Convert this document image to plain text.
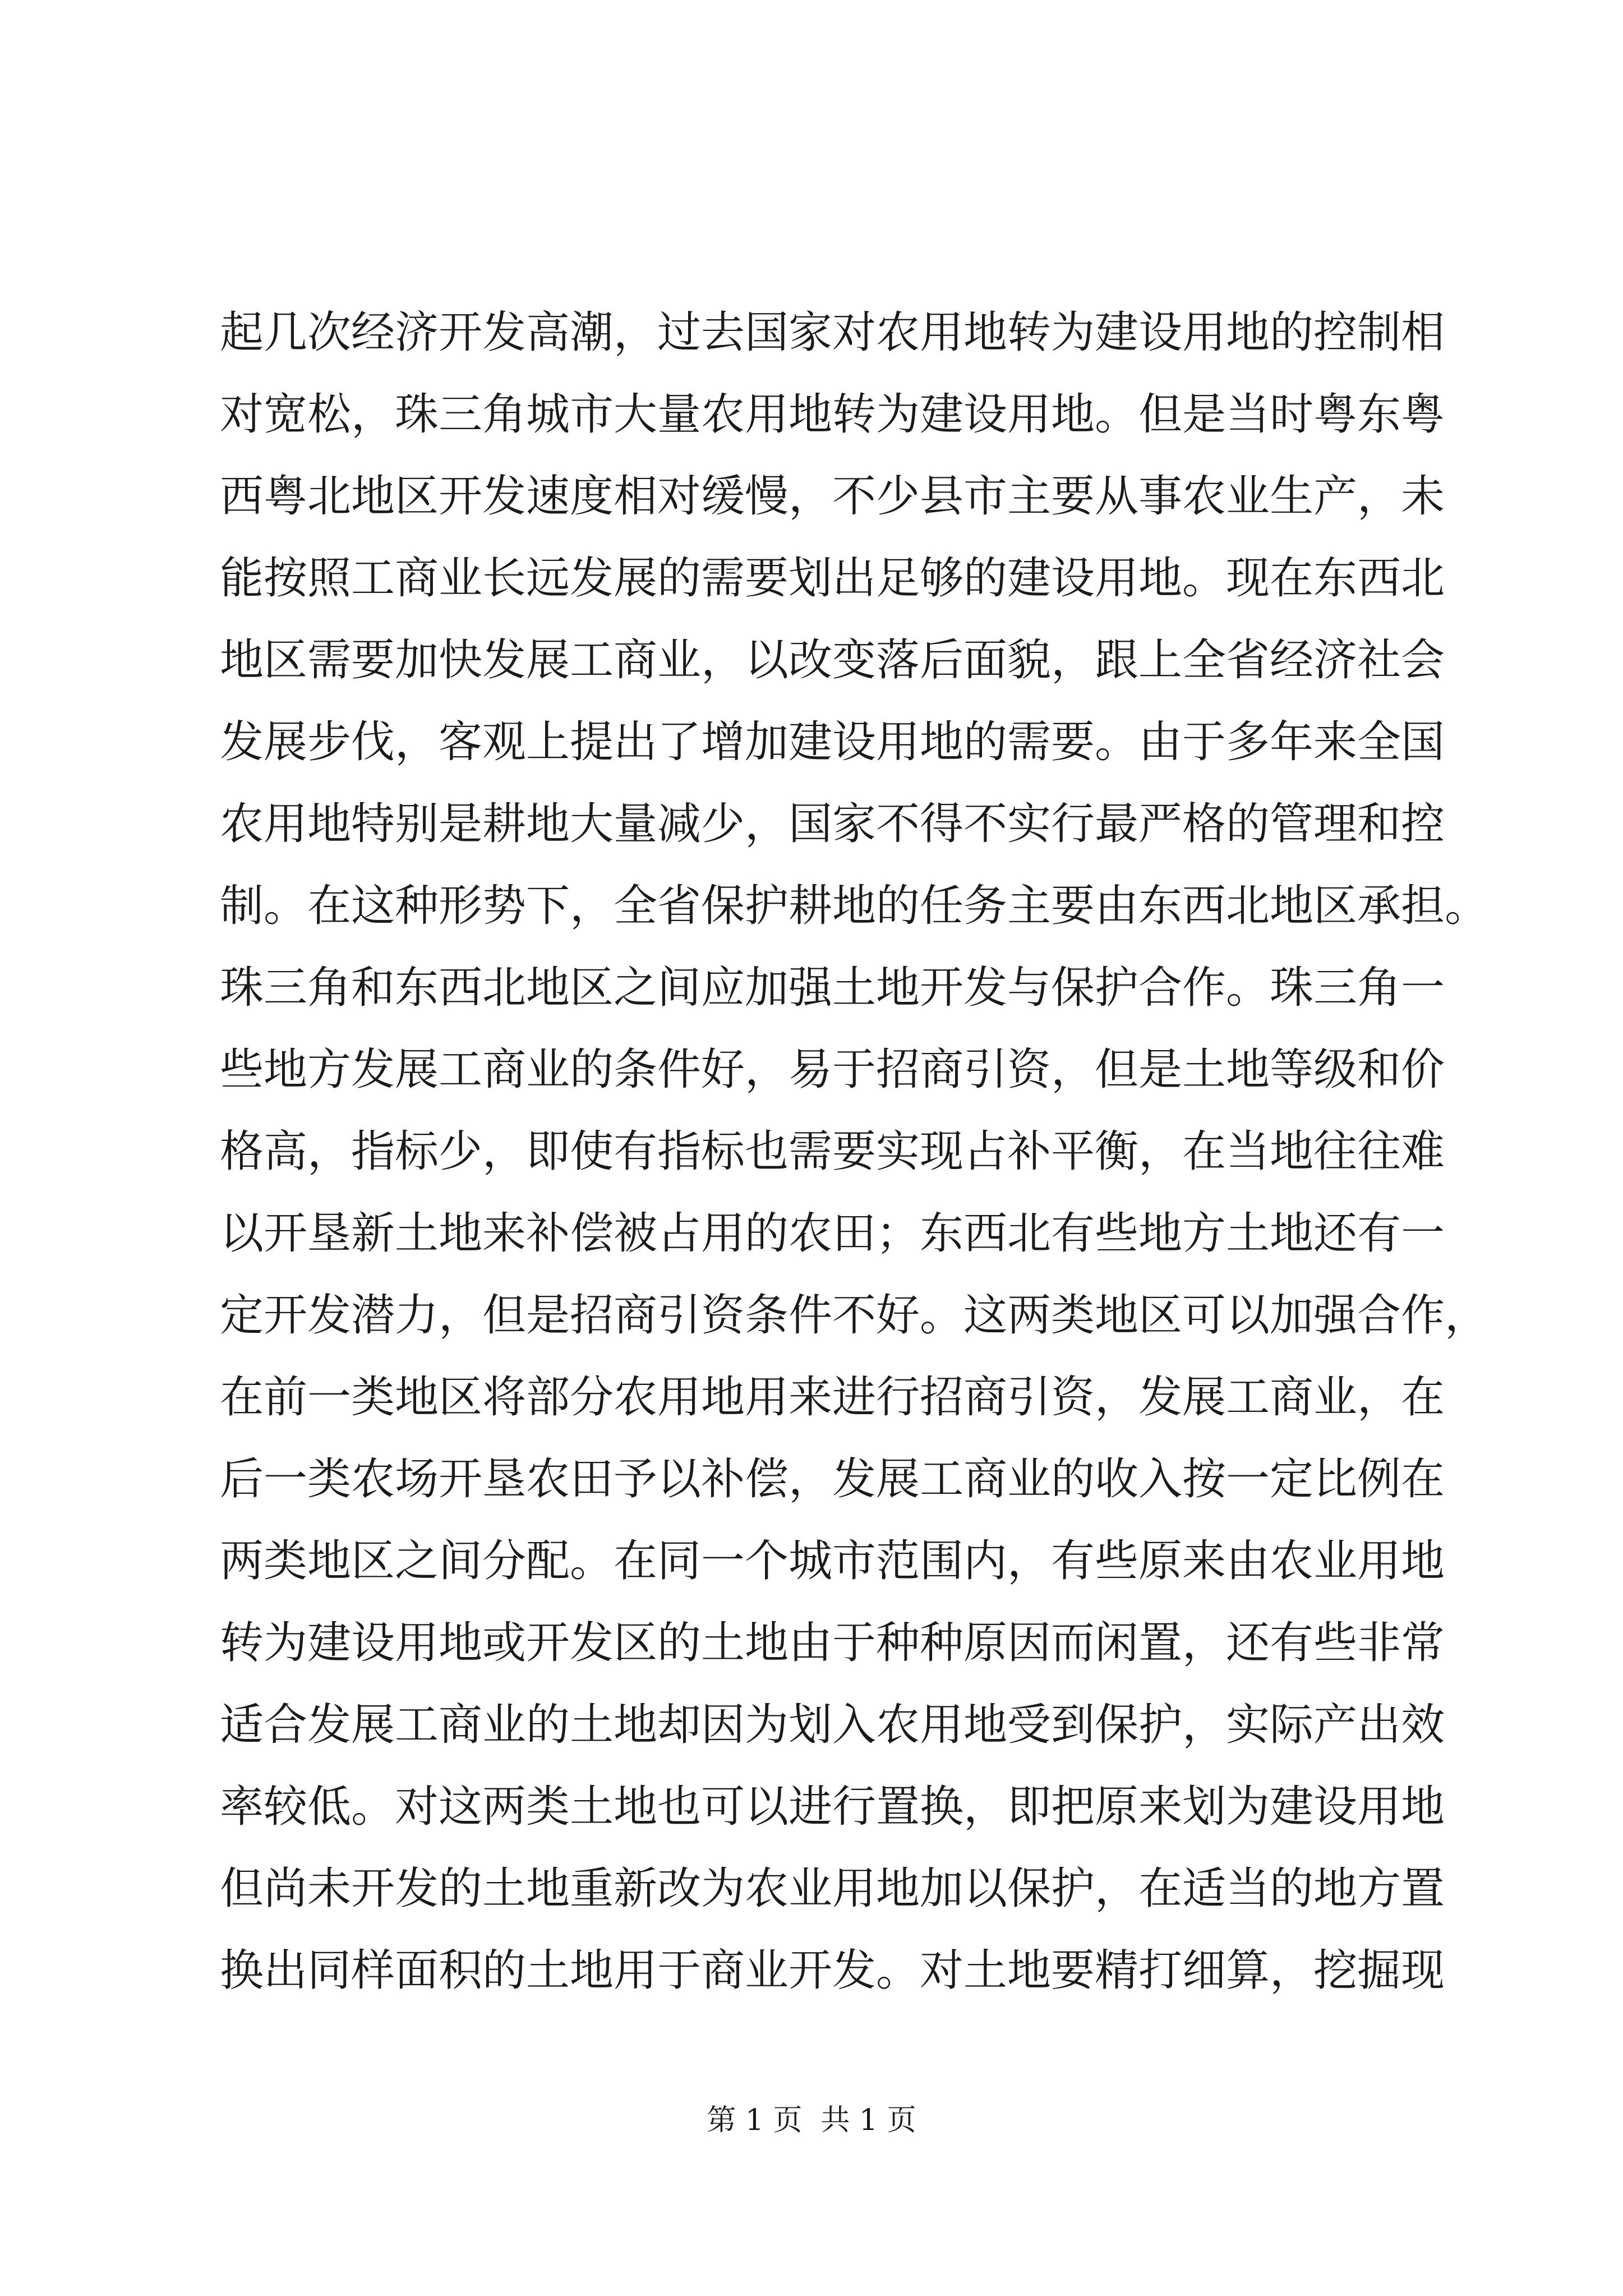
起几次经济开发高潮，过去国家对农用地转为建设用地的控制相
对宽松，珠三角城市大量农用地转为建设用地。但是当时粤东粤
西粤北地区开发速度相对缓慢，不少县市主要从事农业生产，未
能按照工商业长远发展的需要划出足够的建设用地。现在东西北
地区需要加快发展工商业，以改变落后面貌，跟上全省经济社会
发展步伐，客观上提出了增加建设用地的需要。由于多年来全国
农用地特别是耕地大量减少，国家不得不实行最严格的管理和控
制。在这种形势下，全省保护耕地的任务主要由东西北地区承担。
珠三角和东西北地区之间应加强土地开发与保护合作。珠三角一
些地方发展工商业的条件好，易于招商引资，但是土地等级和价
格高，指标少，即使有指标也需要实现占补平衡，在当地往往难
以开垦新土地来补偿被占用的农田；东西北有些地方土地还有一
定开发潜力，但是招商引资条件不好。这两类地区可以加强合作，
在前一类地区将部分农用地用来进行招商引资，发展工商业，在
后一类农场开垦农田予以补偿，发展工商业的收入按一定比例在
两类地区之间分配。在同一个城市范围内，有些原来由农业用地
转为建设用地或开发区的土地由于种种原因而闲置，还有些非常
适合发展工商业的土地却因为划入农用地受到保护，实际产出效
率较低。对这两类土地也可以进行置换，即把原来划为建设用地
但尚未开发的土地重新改为农业用地加以保护，在适当的地方置
换出同样面积的土地用于商业开发。对土地要精打细算，挖掘现
第 1 页  共 1 页
